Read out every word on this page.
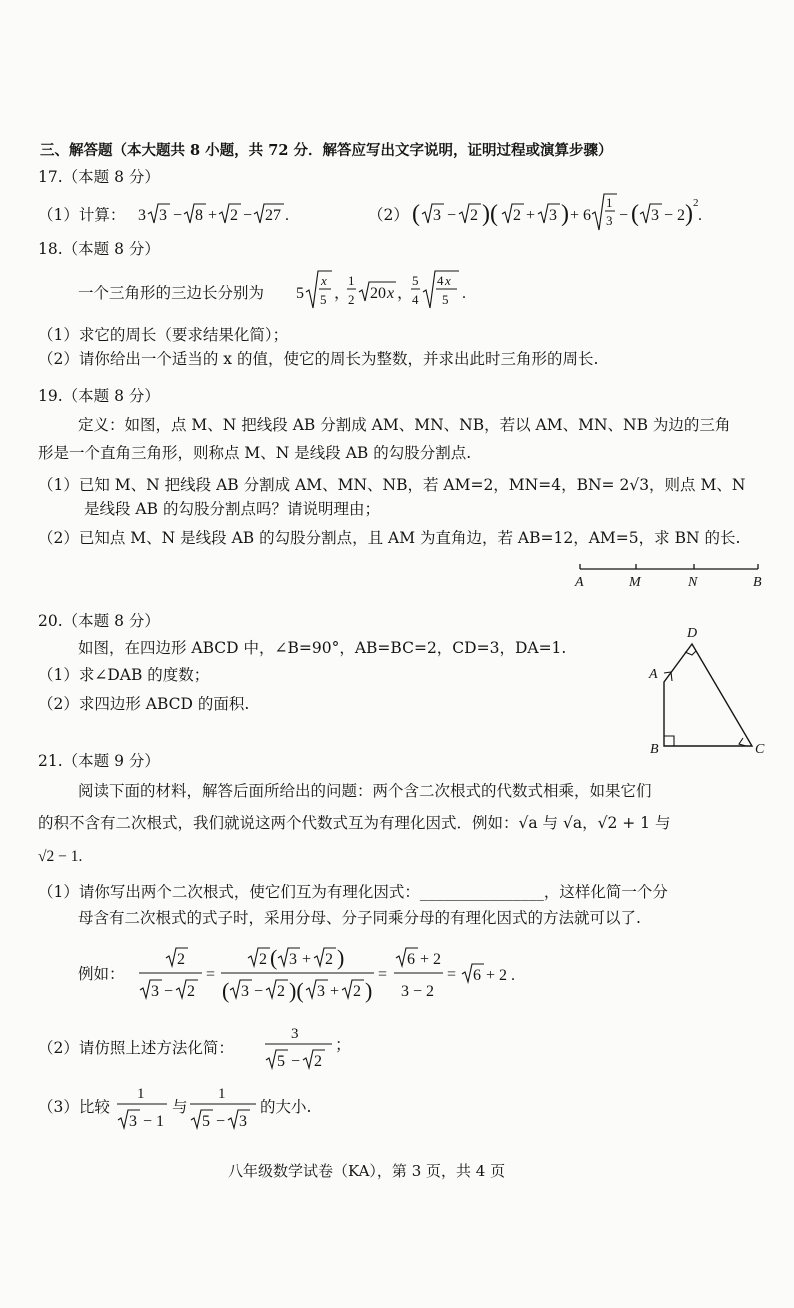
三、解答题（本大题共 8 小题，共 72 分．解答应写出文字说明，证明过程或演算步骤）
17.（本题 8 分）
（1）计算： 3 3 − 8 + 2 − 27 .	（2） ( 3 − 2 )( 2 + 3 ) + 6
1
3 − ( 3 − 2 ) 2
.
18.（本题 8 分）
一个三角形的三边长分别为 5
x
5 ，
1
2 20 x ，
5
4
4 x
5 .
（1）求它的周长（要求结果化简）；
（2）请你给出一个适当的 x 的值，使它的周长为整数，并求出此时三角形的周长.
19.（本题 8 分）
定义：如图，点 M、N 把线段 AB 分割成 AM、MN、NB，若以 AM、MN、NB 为边的三角
形是一个直角三角形，则称点 M、N 是线段 AB 的勾股分割点.
（1）已知 M、N 把线段 AB 分割成 AM、MN、NB，若 AM=2，MN=4，BN= 2√3，则点 M、N
是线段 AB 的勾股分割点吗？请说明理由；
（2）已知点 M、N 是线段 AB 的勾股分割点，且 AM 为直角边，若 AB=12，AM=5，求 BN 的长.
A	M	N	B
20.（本题 8 分）
如图，在四边形 ABCD 中，∠B=90°，AB=BC=2，CD=3，DA=1.
（1）求∠DAB 的度数；
（2）求四边形 ABCD 的面积.
D
A
B	C
21.（本题 9 分）
阅读下面的材料，解答后面所给出的问题：两个含二次根式的代数式相乘，如果它们
的积不含有二次根式，我们就说这两个代数式互为有理化因式．例如：√a 与 √a，√2 + 1 与
√2 − 1.
（1）请你写出两个二次根式，使它们互为有理化因式：________________，这样化简一个分
母含有二次根式的式子时，采用分母、分子同乘分母的有理化因式的方法就可以了.
例如：
2
3 − 2
=
2 ( 3 + 2 )
( 3 − 2 )( 3 + 2 )
=
6 + 2
3 − 2
= 6 + 2 .
（2）请仿照上述方法化简：
3
5 − 2
；
（3）比较
1
3 − 1
与
1
5 − 3
的大小.
八年级数学试卷（KA），第 3 页，共 4 页
